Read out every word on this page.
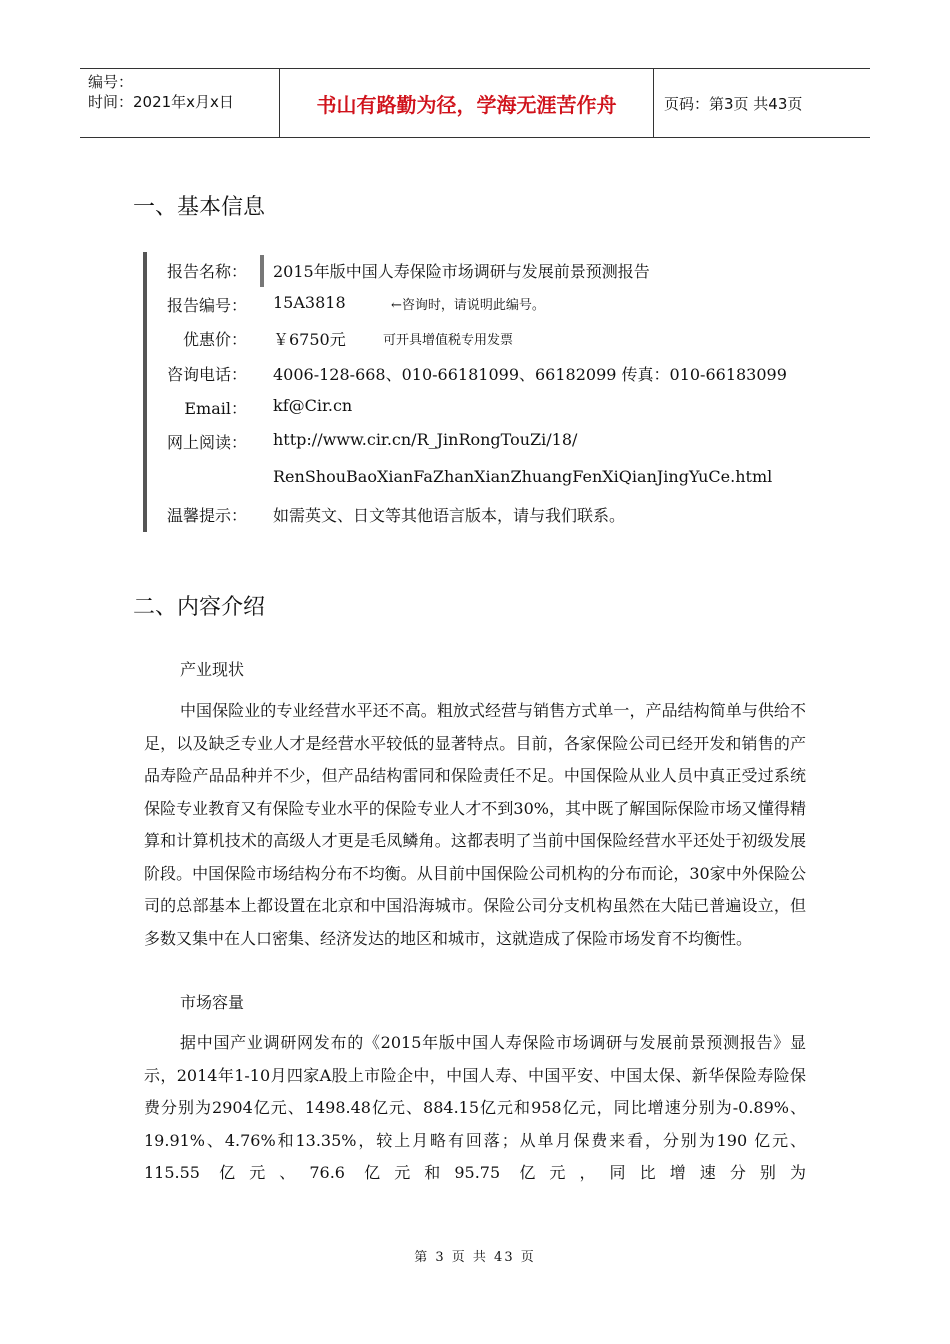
编号：
时间：2021年x月x日	书山有路勤为径，学海无涯苦作舟	页码：第3页 共43页
一、基本信息
报告名称： 2015年版中国人寿保险市场调研与发展前景预测报告
报告编号： 15A3818	←咨询时，请说明此编号。
优惠价： ￥6750元	可开具增值税专用发票
咨询电话： 4006-128-668、010-66181099、66182099 传真：010-66183099
Email： kf@Cir.cn
网上阅读： http://www.cir.cn/R_JinRongTouZi/18/
RenShouBaoXianFaZhanXianZhuangFenXiQianJingYuCe.html
温馨提示： 如需英文、日文等其他语言版本，请与我们联系。
二、内容介绍
产业现状

中国保险业的专业经营水平还不高。粗放式经营与销售方式单一，产品结构简单与供给不足，以及缺乏专业人才是经营水平较低的显著特点。目前，各家保险公司已经开发和销售的产品寿险产品品种并不少，但产品结构雷同和保险责任不足。中国保险从业人员中真正受过系统保险专业教育又有保险专业水平的保险专业人才不到30%，其中既了解国际保险市场又懂得精算和计算机技术的高级人才更是毛凤鳞角。这都表明了当前中国保险经营水平还处于初级发展阶段。中国保险市场结构分布不均衡。从目前中国保险公司机构的分布而论，30家中外保险公司的总部基本上都设置在北京和中国沿海城市。保险公司分支机构虽然在大陆已普遍设立，但多数又集中在人口密集、经济发达的地区和城市，这就造成了保险市场发育不均衡性。

市场容量

据中国产业调研网发布的《2015年版中国人寿保险市场调研与发展前景预测报告》显示，2014年1-10月四家A股上市险企中，中国人寿、中国平安、中国太保、新华保险寿险保费分别为2904亿元、1498.48亿元、884.15亿元和958亿元，同比增速分别为-0.89%、19.91%、4.76%和13.35%，较上月略有回落；从单月保费来看，分别为190 亿元、115.55 亿元、76.6 亿元和95.75 亿元，同比增速分别为

第 3 页 共 43 页
